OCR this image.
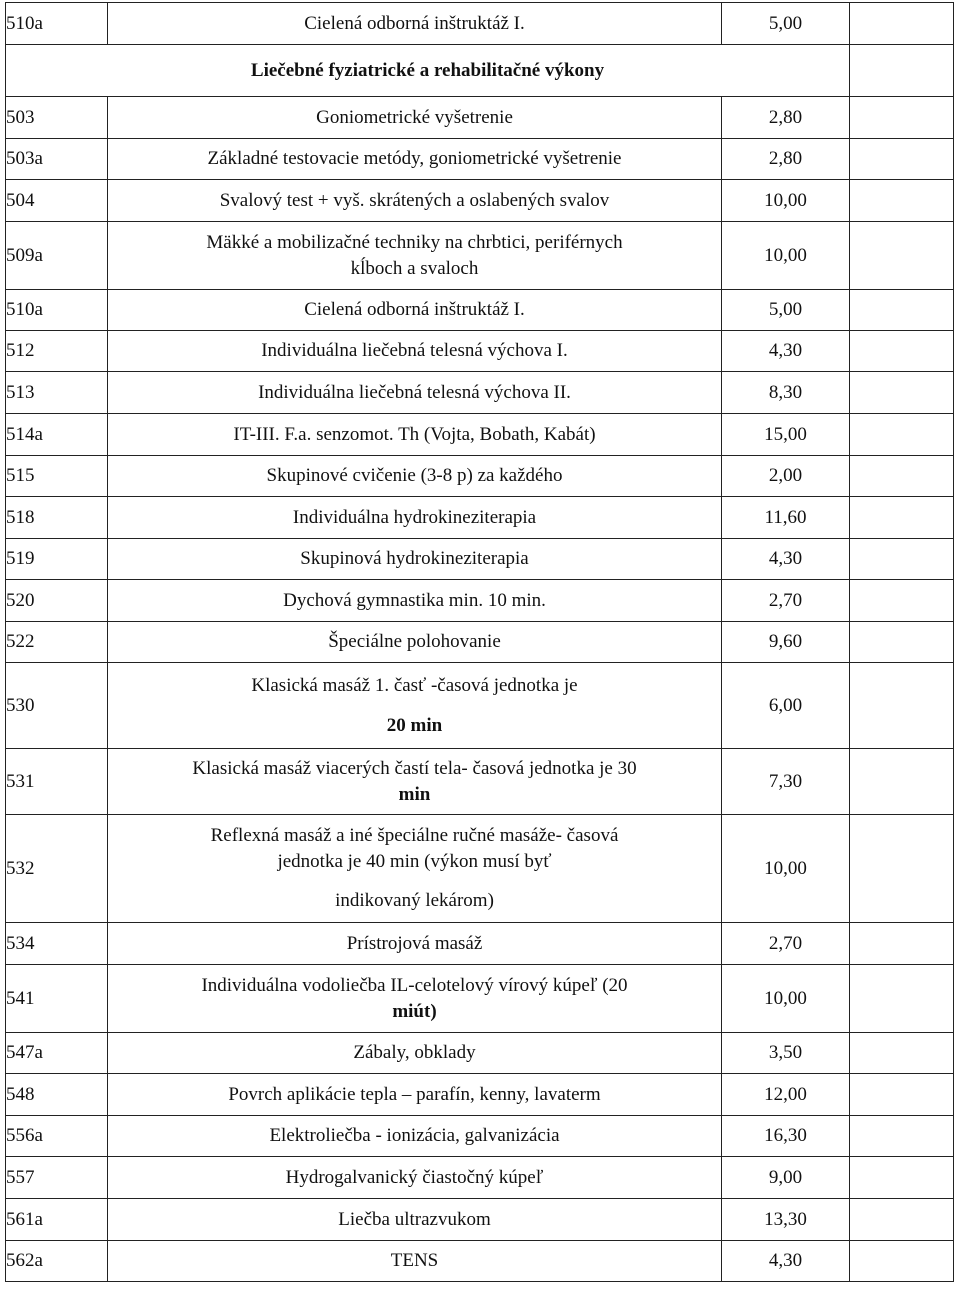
510a	Cielená odborná inštruktáž I.	5,00	
Liečebné fyziatrické a rehabilitačné výkony			
503	Goniometrické vyšetrenie	2,80	
503a	Základné testovacie metódy, goniometrické vyšetrenie	2,80	
504	Svalový test + vyš. skrátených a oslabených svalov	10,00	
509a	Mäkké a mobilizačné techniky na chrbtici, periférnych
kĺboch a svaloch	10,00	
510a	Cielená odborná inštruktáž I.	5,00	
512	Individuálna liečebná telesná výchova I.	4,30	
513	Individuálna liečebná telesná výchova II.	8,30	
514a	IT-III. F.a. senzomot. Th (Vojta, Bobath, Kabát)	15,00	
515	Skupinové cvičenie (3-8 p) za každého	2,00	
518	Individuálna hydrokineziterapia	11,60	
519	Skupinová hydrokineziterapia	4,30	
520	Dychová gymnastika min. 10 min.	2,70	
522	Špeciálne polohovanie	9,60	
530	Klasická masáž 1. časť -časová jednotka je
20 min	6,00	
531	Klasická masáž viacerých častí tela- časová jednotka je 30
min	7,30	
532	Reflexná masáž a iné špeciálne ručné masáže- časová
jednotka je 40 min (výkon musí byť
indikovaný lekárom)	10,00	
534	Prístrojová masáž	2,70	
541	Individuálna vodoliečba IL-celotelový vírový kúpeľ (20
miút)	10,00	
547a	Zábaly, obklady	3,50	
548	Povrch aplikácie tepla – parafín, kenny, lavaterm	12,00	
556a	Elektroliečba - ionizácia, galvanizácia	16,30	
557	Hydrogalvanický čiastočný kúpeľ	9,00	
561a	Liečba ultrazvukom	13,30	
562a	TENS	4,30	
